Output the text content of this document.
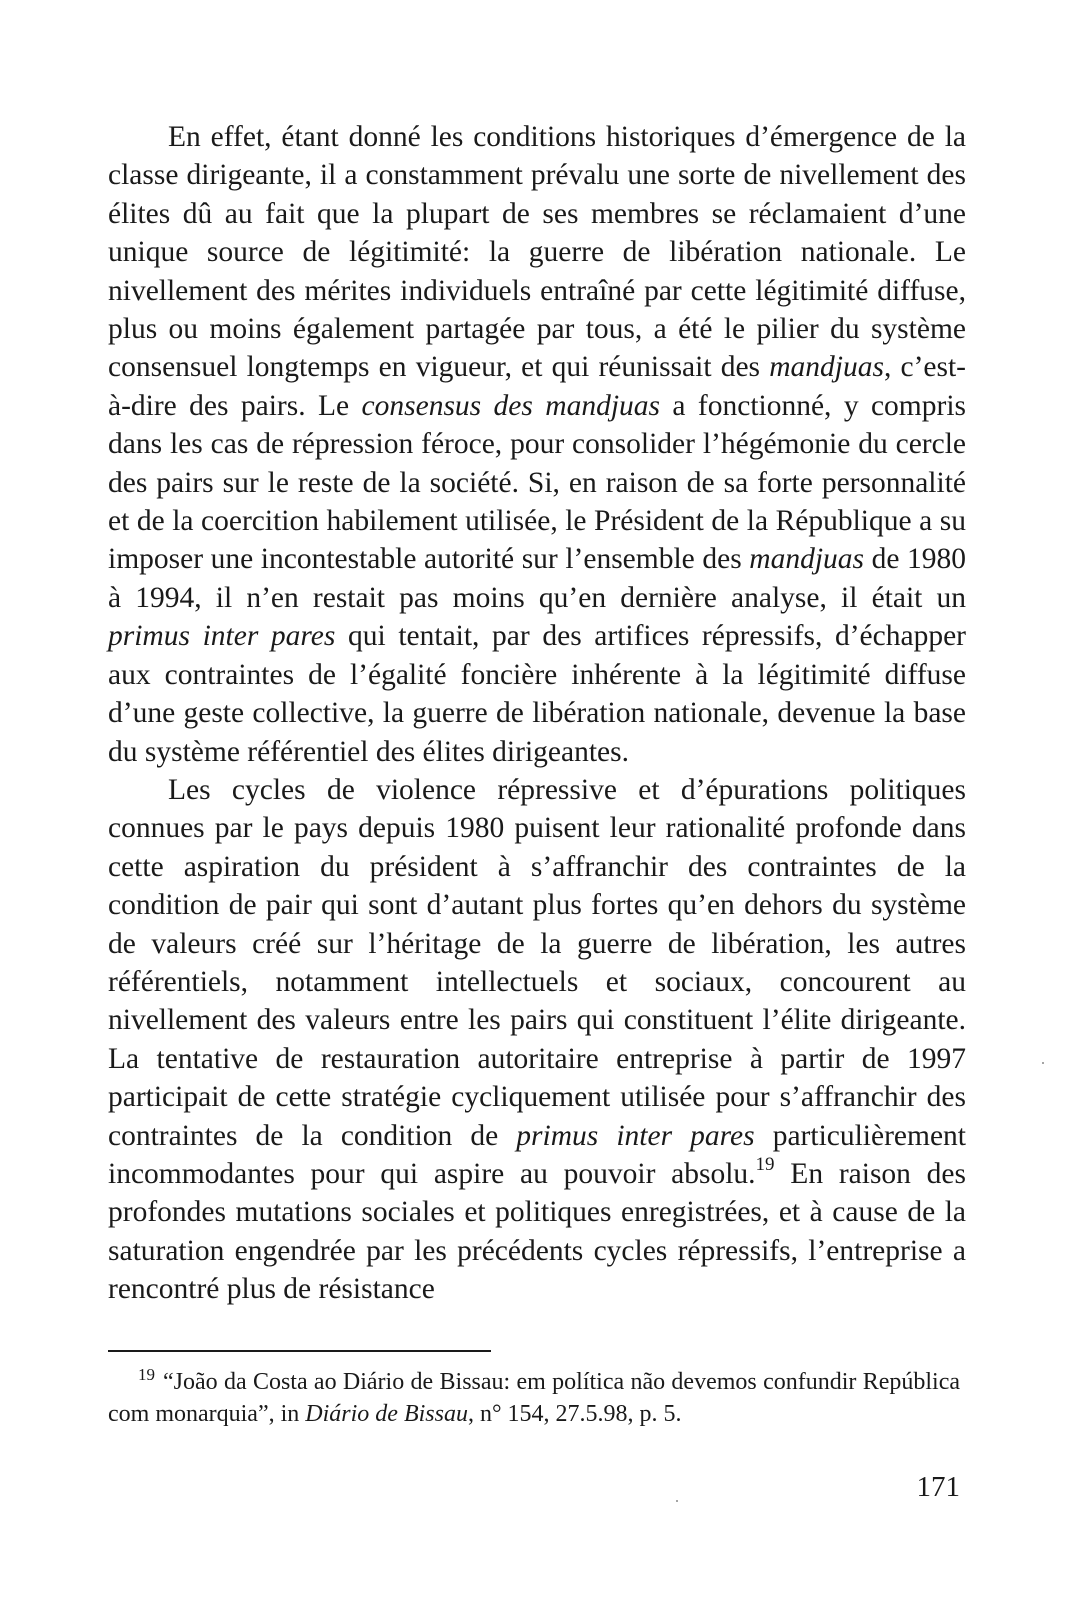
En effet, étant donné les conditions historiques d’émergence de la classe dirigeante, il a constamment prévalu une sorte de nivellement des élites dû au fait que la plupart de ses membres se réclamaient d’une unique source de légitimité: la guerre de libération nationale. Le nivellement des mérites individuels entraîné par cette légitimité diffuse, plus ou moins également partagée par tous, a été le pilier du système consensuel longtemps en vigueur, et qui réunissait des mandjuas, c’est-à-dire des pairs. Le consensus des mandjuas a fonctionné, y compris dans les cas de répression féroce, pour consolider l’hégémonie du cercle des pairs sur le reste de la société. Si, en raison de sa forte personnalité et de la coercition habilement utilisée, le Président de la République a su imposer une incontestable autorité sur l’ensemble des mandjuas de 1980 à 1994, il n’en restait pas moins qu’en dernière analyse, il était un primus inter pares qui tentait, par des artifices répressifs, d’échapper aux contraintes de l’égalité foncière inhérente à la légitimité diffuse d’une geste collective, la guerre de libération nationale, devenue la base du système référentiel des élites dirigeantes.

Les cycles de violence répressive et d’épurations politiques connues par le pays depuis 1980 puisent leur rationalité profonde dans cette aspiration du président à s’affranchir des contraintes de la condition de pair qui sont d’autant plus fortes qu’en dehors du système de valeurs créé sur l’héritage de la guerre de libération, les autres référentiels, notamment intellectuels et sociaux, concourent au nivellement des valeurs entre les pairs qui constituent l’élite dirigeante. La tentative de restauration autoritaire entreprise à partir de 1997 participait de cette stratégie cycliquement utilisée pour s’affranchir des contraintes de la condition de primus inter pares particulièrement incommodantes pour qui aspire au pouvoir absolu.$^{19}$ En raison des profondes mutations sociales et politiques enregistrées, et à cause de la saturation engendrée par les précédents cycles répressifs, l’entreprise a rencontré plus de résistance

19 “João da Costa ao Diário de Bissau: em política não devemos confundir República com monarquia”, in Diário de Bissau, n° 154, 27.5.98, p. 5.
171
